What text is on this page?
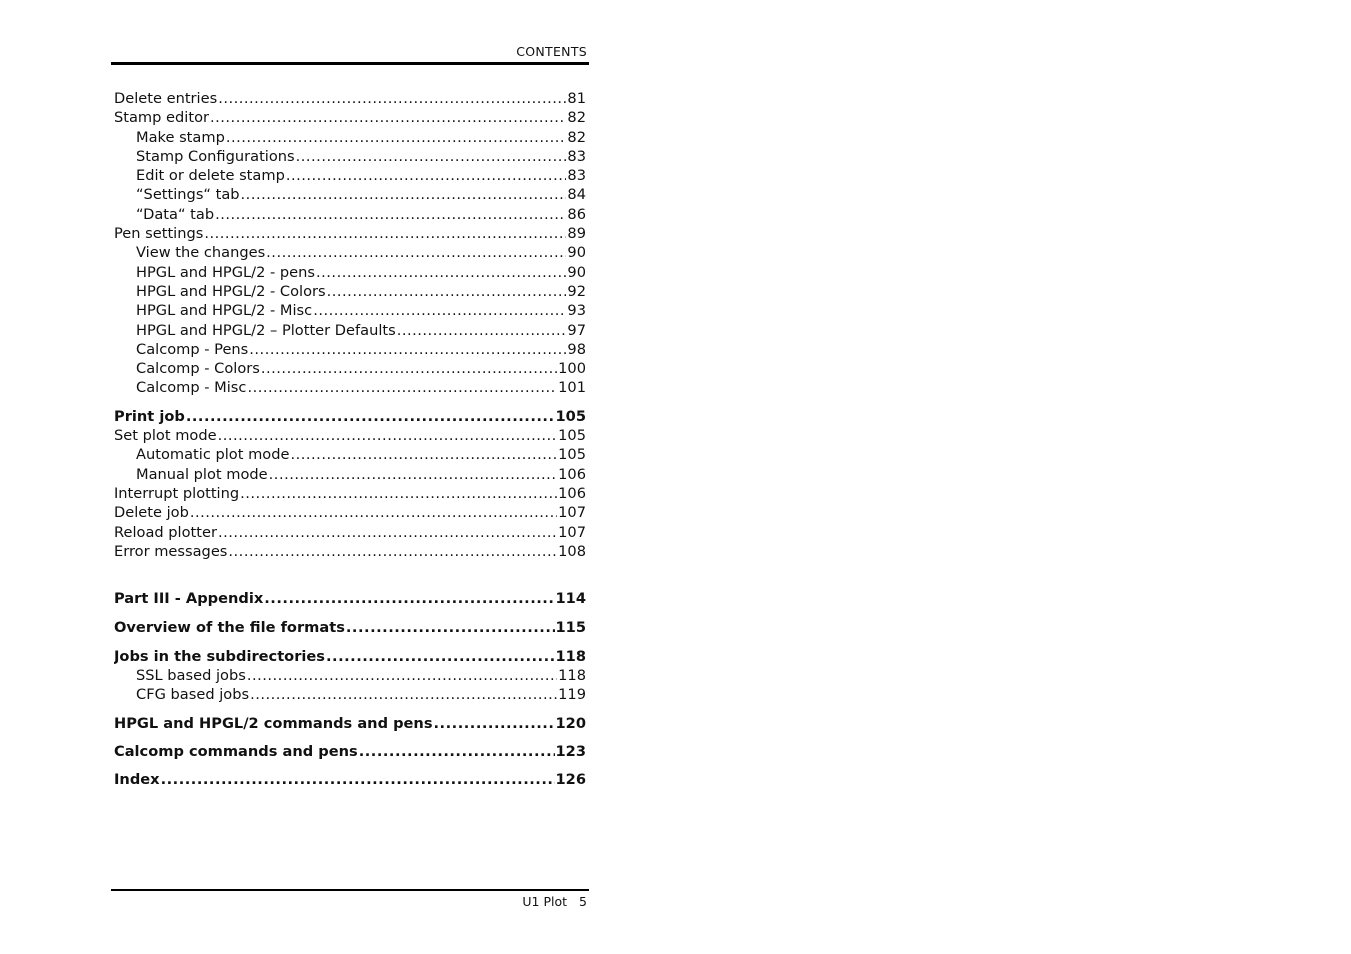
CONTENTS
Delete entries .....	81
Stamp editor .....	82
Make stamp .....	82
Stamp Configurations .....	83
Edit or delete stamp .....	83
“Settings“ tab .....	84
“Data“ tab .....	86
Pen settings .....	89
View the changes .....	90
HPGL and HPGL/2 - pens .....	90
HPGL and HPGL/2 - Colors .....	92
HPGL and HPGL/2 - Misc .....	93
HPGL and HPGL/2 – Plotter Defaults .....	97
Calcomp - Pens .....	98
Calcomp - Colors .....	100
Calcomp - Misc .....	101
Print job .....	105
Set plot mode .....	105
Automatic plot mode .....	105
Manual plot mode .....	106
Interrupt plotting .....	106
Delete job .....	107
Reload plotter .....	107
Error messages .....	108
Part III - Appendix .....	114
Overview of the file formats .....	115
Jobs in the subdirectories .....	118
SSL based jobs .....	118
CFG based jobs .....	119
HPGL and HPGL/2 commands and pens .....	120
Calcomp commands and pens .....	123
Index .....	126
U1 Plot 5
